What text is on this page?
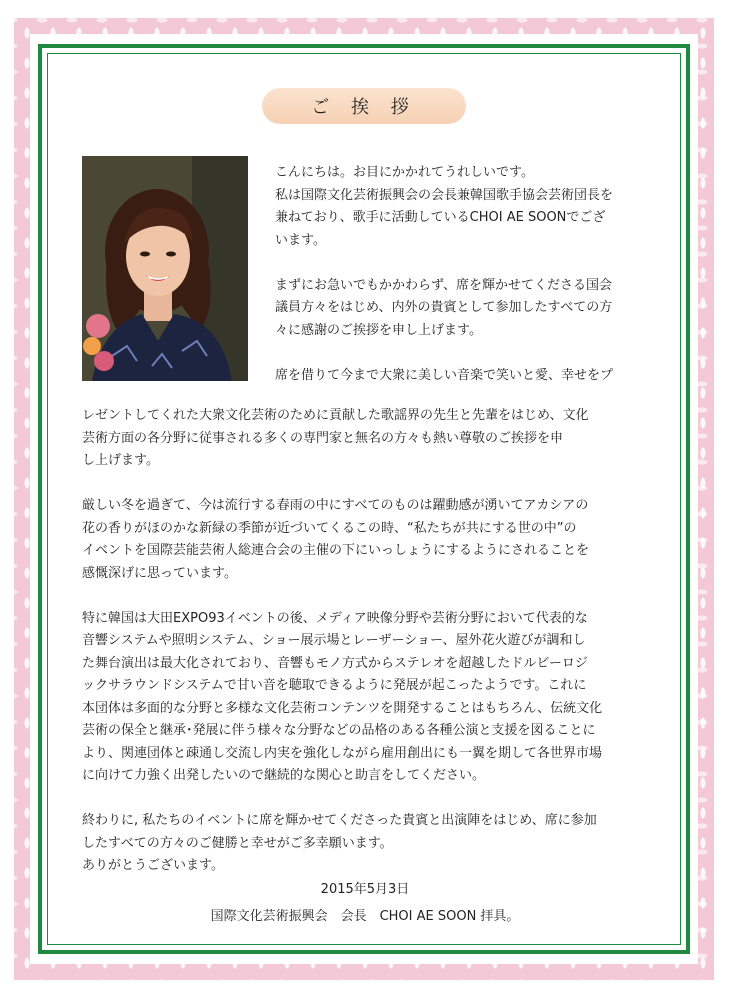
ご 挨 拶

こんにちは。お目にかかれてうれしいです。

私は国際文化芸術振興会の会長兼韓国歌手協会芸術団長を

兼ねており、歌手に活動しているCHOI AE SOONでござ

います。

まずにお急いでもかかわらず、席を輝かせてくださる国会

議員方々をはじめ、内外の貴賓として参加したすべての方

々に感謝のご挨拶を申し上げます。

席を借りて今まで大衆に美しい音楽で笑いと愛、幸せをプ

レゼントしてくれた大衆文化芸術のために貢献した歌謡界の先生と先輩をはじめ、文化

芸術方面の各分野に従事される多くの専門家と無名の方々も熱い尊敬のご挨拶を申

し上げます。

厳しい冬を過ぎて、今は流行する春雨の中にすべてのものは躍動感が湧いてアカシアの

花の香りがほのかな新緑の季節が近づいてくるこの時、“私たちが共にする世の中”の

イベントを国際芸能芸術人総連合会の主催の下にいっしょうにするようにされることを

感慨深げに思っています。

特に韓国は大田EXPO93イベントの後、メディア映像分野や芸術分野において代表的な

音響システムや照明システム、ショー展示場とレーザーショー、屋外花火遊びが調和し

た舞台演出は最大化されており、音響もモノ方式からステレオを超越したドルビーロジ

ックサラウンドシステムで甘い音を聴取できるように発展が起こったようです。これに

本団体は多面的な分野と多様な文化芸術コンテンツを開発することはもちろん、伝統文化

芸術の保全と継承･発展に伴う様々な分野などの品格のある各種公演と支援を図ることに

より、関連団体と疎通し交流し内実を強化しながら雇用創出にも一翼を期して各世界市場

に向けて力強く出発したいので継続的な関心と助言をしてください。

終わりに, 私たちのイベントに席を輝かせてくださった貴賓と出演陣をはじめ、席に参加

したすべての方々のご健勝と幸せがご多幸願います。

ありがとうございます。

2015年5月3日
国際文化芸術振興会　会長　CHOI AE SOON 拝具。
